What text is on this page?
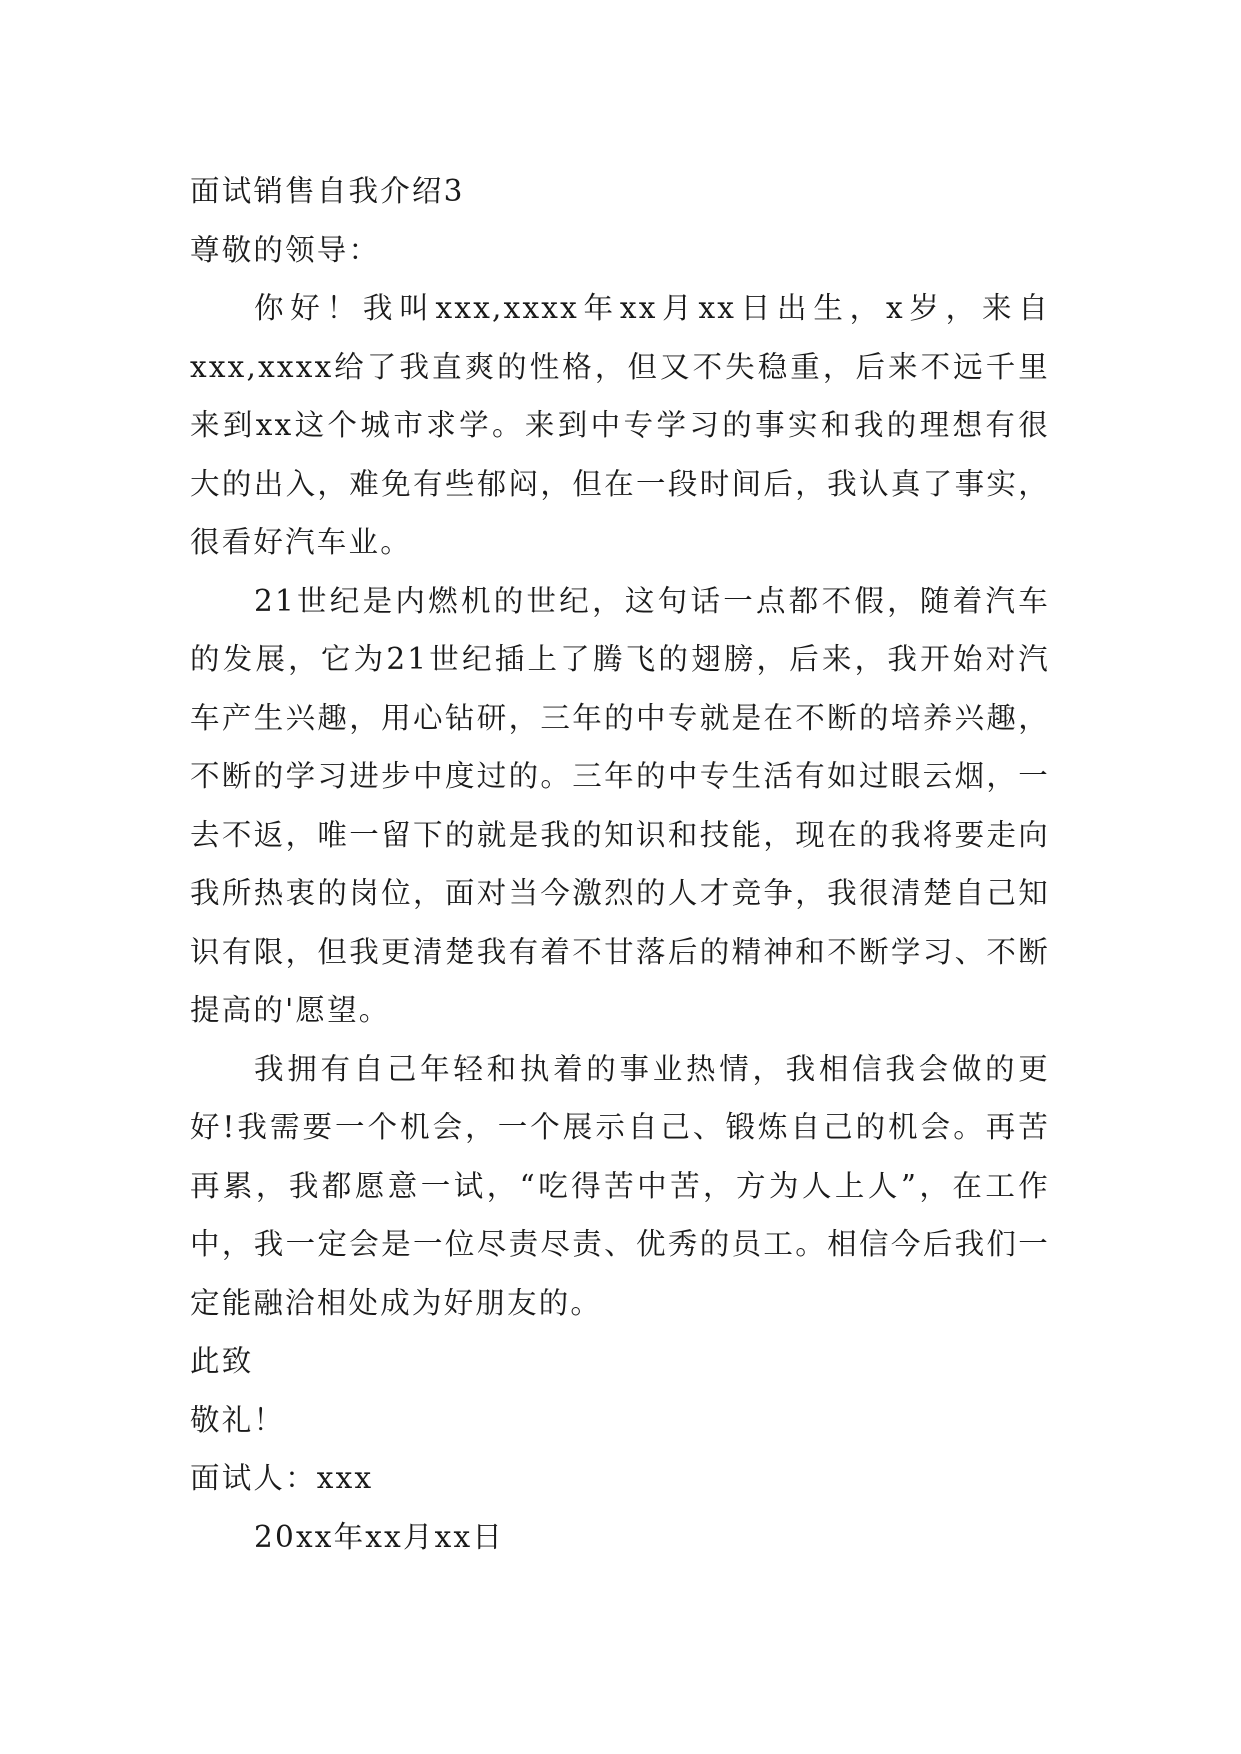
面试销售自我介绍3

尊敬的领导：

你好！我叫xxx,xxxx年xx月xx日出生，x岁，来自xxx,xxxx给了我直爽的性格，但又不失稳重，后来不远千里来到xx这个城市求学。来到中专学习的事实和我的理想有很大的出入，难免有些郁闷，但在一段时间后，我认真了事实，很看好汽车业。

21世纪是内燃机的世纪，这句话一点都不假，随着汽车的发展，它为21世纪插上了腾飞的翅膀，后来，我开始对汽车产生兴趣，用心钻研，三年的中专就是在不断的培养兴趣，不断的学习进步中度过的。三年的中专生活有如过眼云烟，一去不返，唯一留下的就是我的知识和技能，现在的我将要走向我所热衷的岗位，面对当今激烈的人才竞争，我很清楚自己知识有限，但我更清楚我有着不甘落后的精神和不断学习、不断提高的'愿望。

我拥有自己年轻和执着的事业热情，我相信我会做的更好!我需要一个机会，一个展示自己、锻炼自己的机会。再苦再累，我都愿意一试，“吃得苦中苦，方为人上人”，在工作中，我一定会是一位尽责尽责、优秀的员工。相信今后我们一定能融洽相处成为好朋友的。

此致

敬礼！

面试人：xxx

20xx年xx月xx日
